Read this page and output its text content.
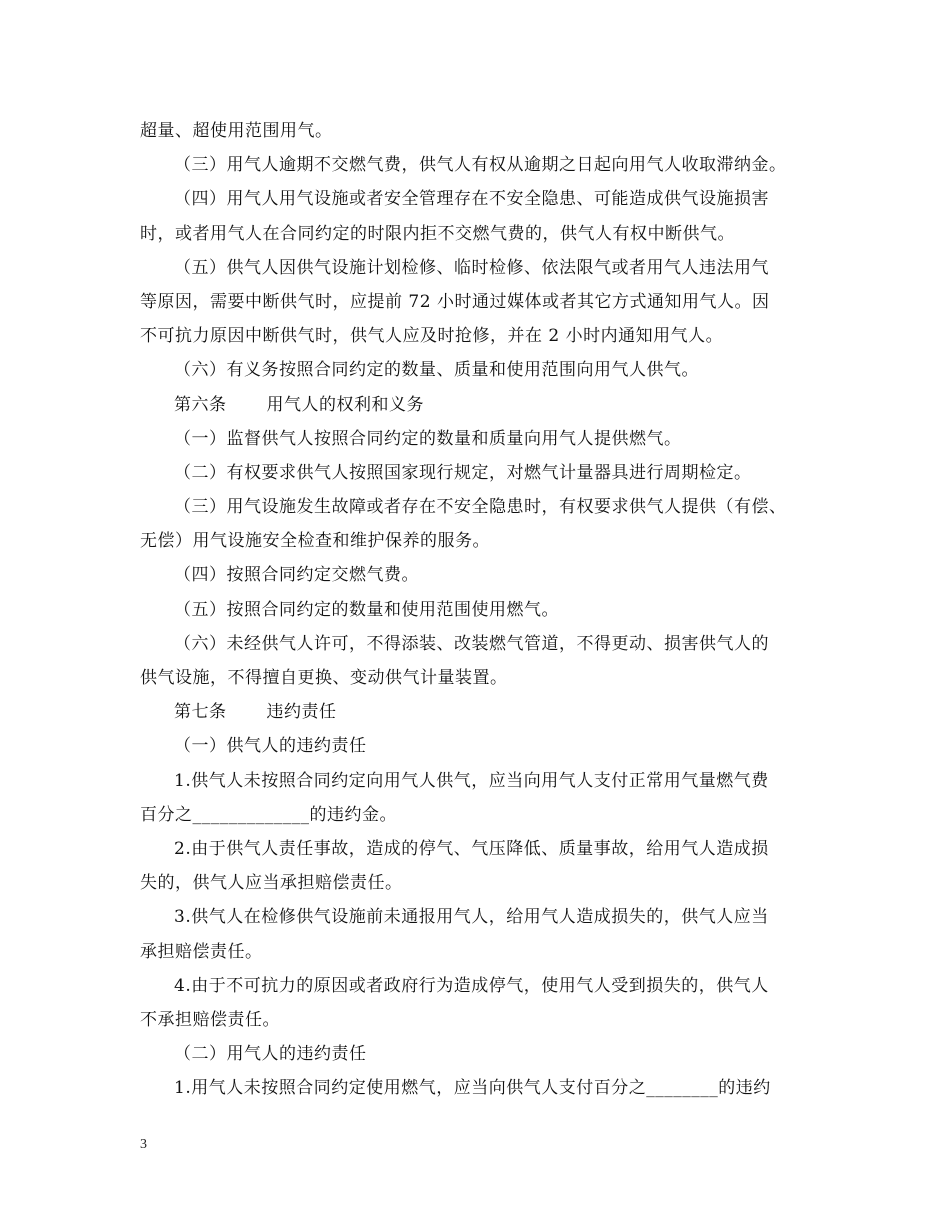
超量、超使用范围用气。
（三）用气人逾期不交燃气费，供气人有权从逾期之日起向用气人收取滞纳金。
（四）用气人用气设施或者安全管理存在不安全隐患、可能造成供气设施损害
时，或者用气人在合同约定的时限内拒不交燃气费的，供气人有权中断供气。
（五）供气人因供气设施计划检修、临时检修、依法限气或者用气人违法用气
等原因，需要中断供气时，应提前 72 小时通过媒体或者其它方式通知用气人。因
不可抗力原因中断供气时，供气人应及时抢修，并在 2 小时内通知用气人。
（六）有义务按照合同约定的数量、质量和使用范围向用气人供气。
第六条 用气人的权利和义务
（一）监督供气人按照合同约定的数量和质量向用气人提供燃气。
（二）有权要求供气人按照国家现行规定，对燃气计量器具进行周期检定。
（三）用气设施发生故障或者存在不安全隐患时，有权要求供气人提供（有偿、
无偿）用气设施安全检查和维护保养的服务。
（四）按照合同约定交燃气费。
（五）按照合同约定的数量和使用范围使用燃气。
（六）未经供气人许可，不得添装、改装燃气管道，不得更动、损害供气人的
供气设施，不得擅自更换、变动供气计量装置。
第七条 违约责任
（一）供气人的违约责任
1.供气人未按照合同约定向用气人供气，应当向用气人支付正常用气量燃气费
百分之_____________的违约金。
2.由于供气人责任事故，造成的停气、气压降低、质量事故，给用气人造成损
失的，供气人应当承担赔偿责任。
3.供气人在检修供气设施前未通报用气人，给用气人造成损失的，供气人应当
承担赔偿责任。
4.由于不可抗力的原因或者政府行为造成停气，使用气人受到损失的，供气人
不承担赔偿责任。
（二）用气人的违约责任
1.用气人未按照合同约定使用燃气，应当向供气人支付百分之________的违约
3
